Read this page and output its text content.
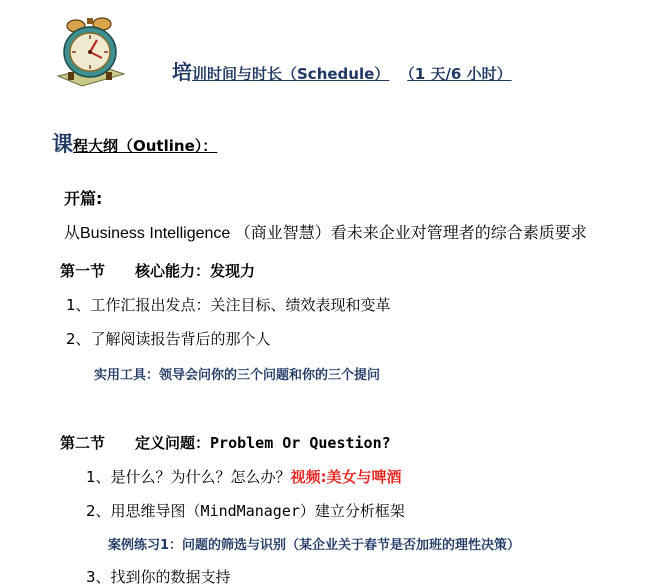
培训时间与时长（Schedule） （1 天/6 小时）
课程大纲（Outline）：
开篇:
从Business Intelligence （商业智慧）看未来企业对管理者的综合素质要求
第一节　　核心能力：发现力
1、工作汇报出发点：关注目标、绩效表现和变革
2、了解阅读报告背后的那个人
实用工具：领导会问你的三个问题和你的三个提问
第二节　　定义问题：Problem Or Question?
1、是什么？为什么？怎么办？视频:美女与啤酒
2、用思维导图（MindManager）建立分析框架
案例练习1：问题的筛选与识别（某企业关于春节是否加班的理性决策）
3、找到你的数据支持
